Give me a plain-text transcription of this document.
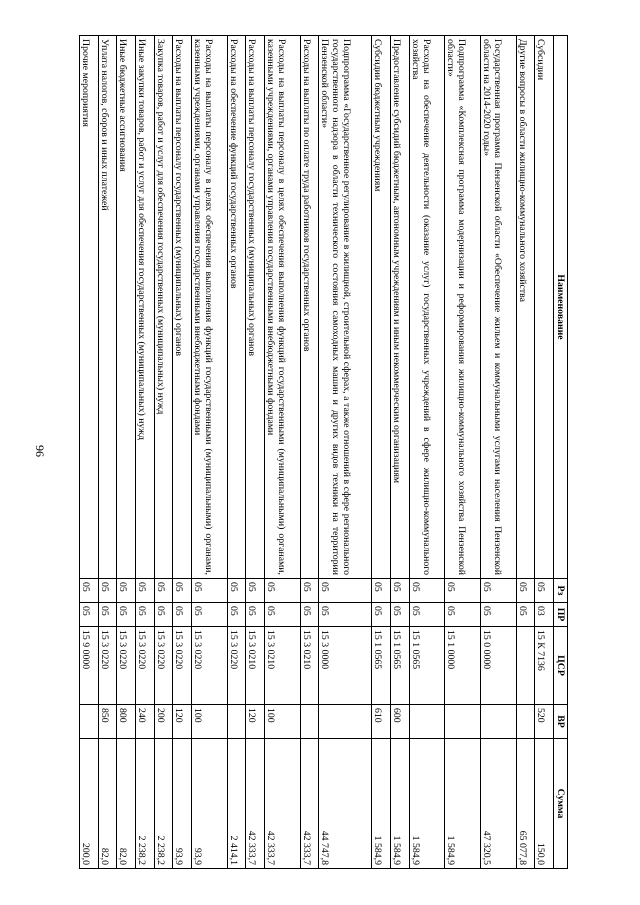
96
Наименование	Рз	ПР	ЦСР	ВР	Сумма
Субсидии	05	03	15 К 7136	520	150,0
Другие вопросы в области жилищно-коммунального хозяйства	05	05			65 077,8
Государственная программа Пензенской области «Обеспечение жильем и коммунальными услугами населения Пензенской области на 2014-2020 годы»	05	05	15 0 0000		47 320,5
Подпрограмма «Комплексная программа модернизации и реформирования жилищно-коммунального хозяйства Пензенской области»	05	05	15 1 0000		1 584,9
Расходы на обеспечение деятельности (оказание услуг) государственных учреждений в сфере жилищно-коммунального хозяйства	05	05	15 1 0565		1 584,9
Предоставление субсидий бюджетным, автономным учреждениям и иным некоммерческим организациям	05	05	15 1 0565	600	1 584,9
Субсидии бюджетным учреждениям	05	05	15 1 0565	610	1 584,9
Подпрограмма «Государственное регулирование в жилищной, строительной сферах, а также отношений в сфере регионального государственного надзора в области технического состояния самоходных машин и других видов техники на территории Пензенской области»	05	05	15 3 0000		44 747,8
Расходы на выплаты по оплате труда работников государственных органов	05	05	15 3 0210		42 333,7
Расходы на выплаты персоналу в целях обеспечения выполнения функций государственными (муниципальными) органами, казенными учреждениями, органами управления государственными внебюджетными фондами	05	05	15 3 0210	100	42 333,7
Расходы на выплаты персоналу государственных (муниципальных) органов	05	05	15 3 0210	120	42 333,7
Расходы на обеспечение функций государственных органов	05	05	15 3 0220		2 414,1
Расходы на выплаты персоналу в целях обеспечения выполнения функций государственными (муниципальными) органами, казенными учреждениями, органами управления государственными внебюджетными фондами	05	05	15 3 0220	100	93,9
Расходы на выплаты персоналу государственных (муниципальных) органов	05	05	15 3 0220	120	93,9
Закупка товаров, работ и услуг для обеспечения государственных (муниципальных) нужд	05	05	15 3 0220	200	2 238,2
Иные закупки товаров, работ и услуг для обеспечения государственных (муниципальных) нужд	05	05	15 3 0220	240	2 238,2
Иные бюджетные ассигнования	05	05	15 3 0220	800	82,0
Уплата налогов, сборов и иных платежей	05	05	15 3 0220	850	82,0
Прочие мероприятия	05	05	15 9 0000		200,0
